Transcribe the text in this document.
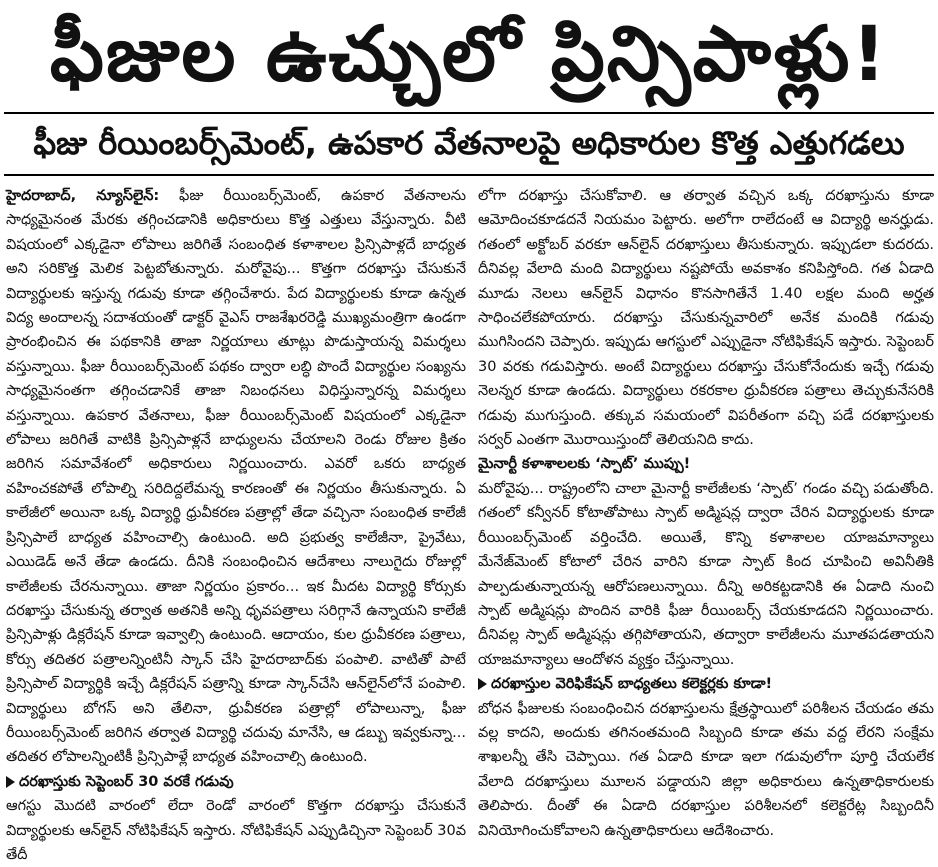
ఫీజుల ఉచ్చులో ప్రిన్సిపాళ్లు!
ఫీజు రీయింబర్స్‌మెంట్, ఉపకార వేతనాలపై అధికారుల కొత్త ఎత్తుగడలు

హైదరాబాద్, న్యూస్‌లైన్: ఫీజు రీయింబర్స్‌మెంట్, ఉపకార వేతనాలను సాధ్యమైనంత మేరకు తగ్గించడానికి అధికారులు కొత్త ఎత్తులు వేస్తున్నారు. వీటి విషయంలో ఎక్కడైనా లోపాలు జరిగితే సంబంధిత కళాశాలల ప్రిన్సిపాళ్లదే బాధ్యత అని సరికొత్త మెలిక పెట్టబోతున్నారు. మరోవైపు... కొత్తగా దరఖాస్తు చేసుకునే విద్యార్థులకు ఇస్తున్న గడువు కూడా తగ్గించేశారు. పేద విద్యార్థులకు కూడా ఉన్నత విద్య అందాలన్న సదాశయంతో డాక్టర్ వైఎస్ రాజశేఖరరెడ్డి ముఖ్యమంత్రిగా ఉండగా ప్రారంభించిన ఈ పథకానికి తాజా నిర్ణయాలు తూట్లు పొడుస్తాయన్న విమర్శలు వస్తున్నాయి. ఫీజు రీయింబర్స్‌మెంట్ పథకం ద్వారా లబ్ధి పొందే విద్యార్థుల సంఖ్యను సాధ్యమైనంతగా తగ్గించడానికే తాజా నిబంధనలు విధిస్తున్నారన్న విమర్శలు వస్తున్నాయి. ఉపకార వేతనాలు, ఫీజు రీయింబర్స్‌మెంట్ విషయంలో ఎక్కడైనా లోపాలు జరిగితే వాటికి ప్రిన్సిపాళ్లనే బాధ్యులను చేయాలని రెండు రోజుల క్రితం జరిగిన సమావేశంలో అధికారులు నిర్ణయించారు. ఎవరో ఒకరు బాధ్యత వహించకపోతే లోపాల్ని సరిదిద్దలేమన్న కారణంతో ఈ నిర్ణయం తీసుకున్నారు. ఏ కాలేజీలో అయినా ఒక్క విద్యార్థి ధ్రువీకరణ పత్రాల్లో తేడా వచ్చినా సంబంధిత కాలేజీ ప్రిన్సిపాలే బాధ్యత వహించాల్సి ఉంటుంది. అది ప్రభుత్వ కాలేజీనా, ప్రైవేటు, ఎయిడెడ్ అనే తేడా ఉండదు. దీనికి సంబంధించిన ఆదేశాలు నాలుగైదు రోజుల్లో కాలేజీలకు చేరనున్నాయి. తాజా నిర్ణయం ప్రకారం... ఇక మీదట విద్యార్థి కోర్సుకు దరఖాస్తు చేసుకున్న తర్వాత అతనికి అన్ని ధృవపత్రాలు సరిగ్గానే ఉన్నాయని కాలేజీ ప్రిన్సిపాళ్లు డిక్లరేషన్ కూడా ఇవ్వాల్సి ఉంటుంది. ఆదాయం, కుల ధ్రువీకరణ పత్రాలు, కోర్సు తదితర పత్రాలన్నింటినీ స్కాన్ చేసి హైదరాబాద్‌కు పంపాలి. వాటితో పాటే ప్రిన్సిపాల్ విద్యార్థికి ఇచ్చే డిక్లరేషన్ పత్రాన్ని కూడా స్కాన్‌చేసి ఆన్‌లైన్‌లోనే పంపాలి. విద్యార్థులు బోగస్ అని తేలినా, ధ్రువీకరణ పత్రాల్లో లోపాలున్నా, ఫీజు రీయింబర్స్‌మెంట్ జరిగిన తర్వాత విద్యార్థి చదువు మానేసి, ఆ డబ్బు ఇవ్వకున్నా... తదితర లోపాలన్నింటికీ ప్రిన్సిపాళ్లే బాధ్యత వహించాల్సి ఉంటుంది.

దరఖాస్తుకు సెప్టెంబర్ 30 వరకే గడువు

ఆగస్టు మొదటి వారంలో లేదా రెండో వారంలో కొత్తగా దరఖాస్తు చేసుకునే విద్యార్థులకు ఆన్‌లైన్ నోటిఫికేషన్ ఇస్తారు. నోటిఫికేషన్ ఎప్పుడిచ్చినా సెప్టెంబర్ 30వ తేదీ

లోగా దరఖాస్తు చేసుకోవాలి. ఆ తర్వాత వచ్చిన ఒక్క దరఖాస్తును కూడా ఆమోదించకూడదనే నియమం పెట్టారు. అలోగా రాలేదంటే ఆ విద్యార్థి అనర్హుడు. గతంలో అక్టోబర్ వరకూ ఆన్‌లైన్ దరఖాస్తులు తీసుకున్నారు. ఇప్పుడలా కుదరదు. దీనివల్ల వేలాది మంది విద్యార్థులు నష్టపోయే అవకాశం కనిపిస్తోంది. గత ఏడాది మూడు నెలలు ఆన్‌లైన్ విధానం కొనసాగితేనే 1.40 లక్షల మంది అర్హత సాధించలేకపోయారు. దరఖాస్తు చేసుకున్నవారిలో అనేక మందికి గడువు ముగిసిందని చెప్పారు. ఇప్పుడు ఆగస్టులో ఎప్పుడైనా నోటిఫికేషన్ ఇస్తారు. సెప్టెంబర్ 30 వరకు గడువిస్తారు. అంటే విద్యార్థులు దరఖాస్తు చేసుకోనేందుకు ఇచ్చే గడువు నెలన్నర కూడా ఉండదు. విద్యార్థులు రకరకాల ధ్రువీకరణ పత్రాలు తెచ్చుకునేసరికి గడువు ముగుస్తుంది. తక్కువ సమయంలో విపరీతంగా వచ్చి పడే దరఖాస్తులకు సర్వర్ ఎంతగా మొరాయిస్తుందో తెలియనిది కాదు.

మైనార్టీ కళాశాలలకు ‘స్పాట్’ ముప్పు!

మరోవైపు... రాష్ట్రంలోని చాలా మైనార్టీ కాలేజీలకు ‘స్పాట్’ గండం వచ్చి పడుతోంది. గతంలో కన్వీనర్ కోటాతోపాటు స్పాట్ అడ్మిషన్ల ద్వారా చేరిన విద్యార్థులకు కూడా రీయింబర్స్‌మెంట్ వర్తించేది. అయితే, కొన్ని కళాశాలల యాజమాన్యాలు మేనేజ్‌మెంట్ కోటాలో చేరిన వారిని కూడా స్పాట్ కింద చూపించి అవినీతికి పాల్పడుతున్నాయన్న ఆరోపణలున్నాయి. దీన్ని అరికట్టడానికి ఈ ఏడాది నుంచి స్పాట్ అడ్మిషన్లు పొందిన వారికి ఫీజు రీయింబర్స్ చేయకూడదని నిర్ణయించారు. దీనివల్ల స్పాట్ అడ్మిషన్లు తగ్గిపోతాయని, తద్వారా కాలేజీలను మూతపడతాయని యాజమాన్యాలు ఆందోళన వ్యక్తం చేస్తున్నాయి.

దరఖాస్తుల వెరిఫికేషన్ బాధ్యతలు కలెక్టర్లకు కూడా!

బోధన ఫీజులకు సంబంధించిన దరఖాస్తులను క్షేత్రస్థాయిలో పరిశీలన చేయడం తమ వల్ల కాదని, అందుకు తగినంతమంది సిబ్బంది కూడా తమ వద్ద లేరని సంక్షేమ శాఖలన్నీ తేసి చెప్పాయి. గత ఏడాది కూడా ఇలా గడువులోగా పూర్తి చేయలేక వేలాది దరఖాస్తులు మూలన పడ్డాయని జిల్లా అధికారులు ఉన్నతాధికారులకు తెలిపారు. దీంతో ఈ ఏడాది దరఖాస్తుల పరిశీలనలో కలెక్టరేట్ల సిబ్బందినీ వినియోగించుకోవాలని ఉన్నతాధికారులు ఆదేశించారు.
